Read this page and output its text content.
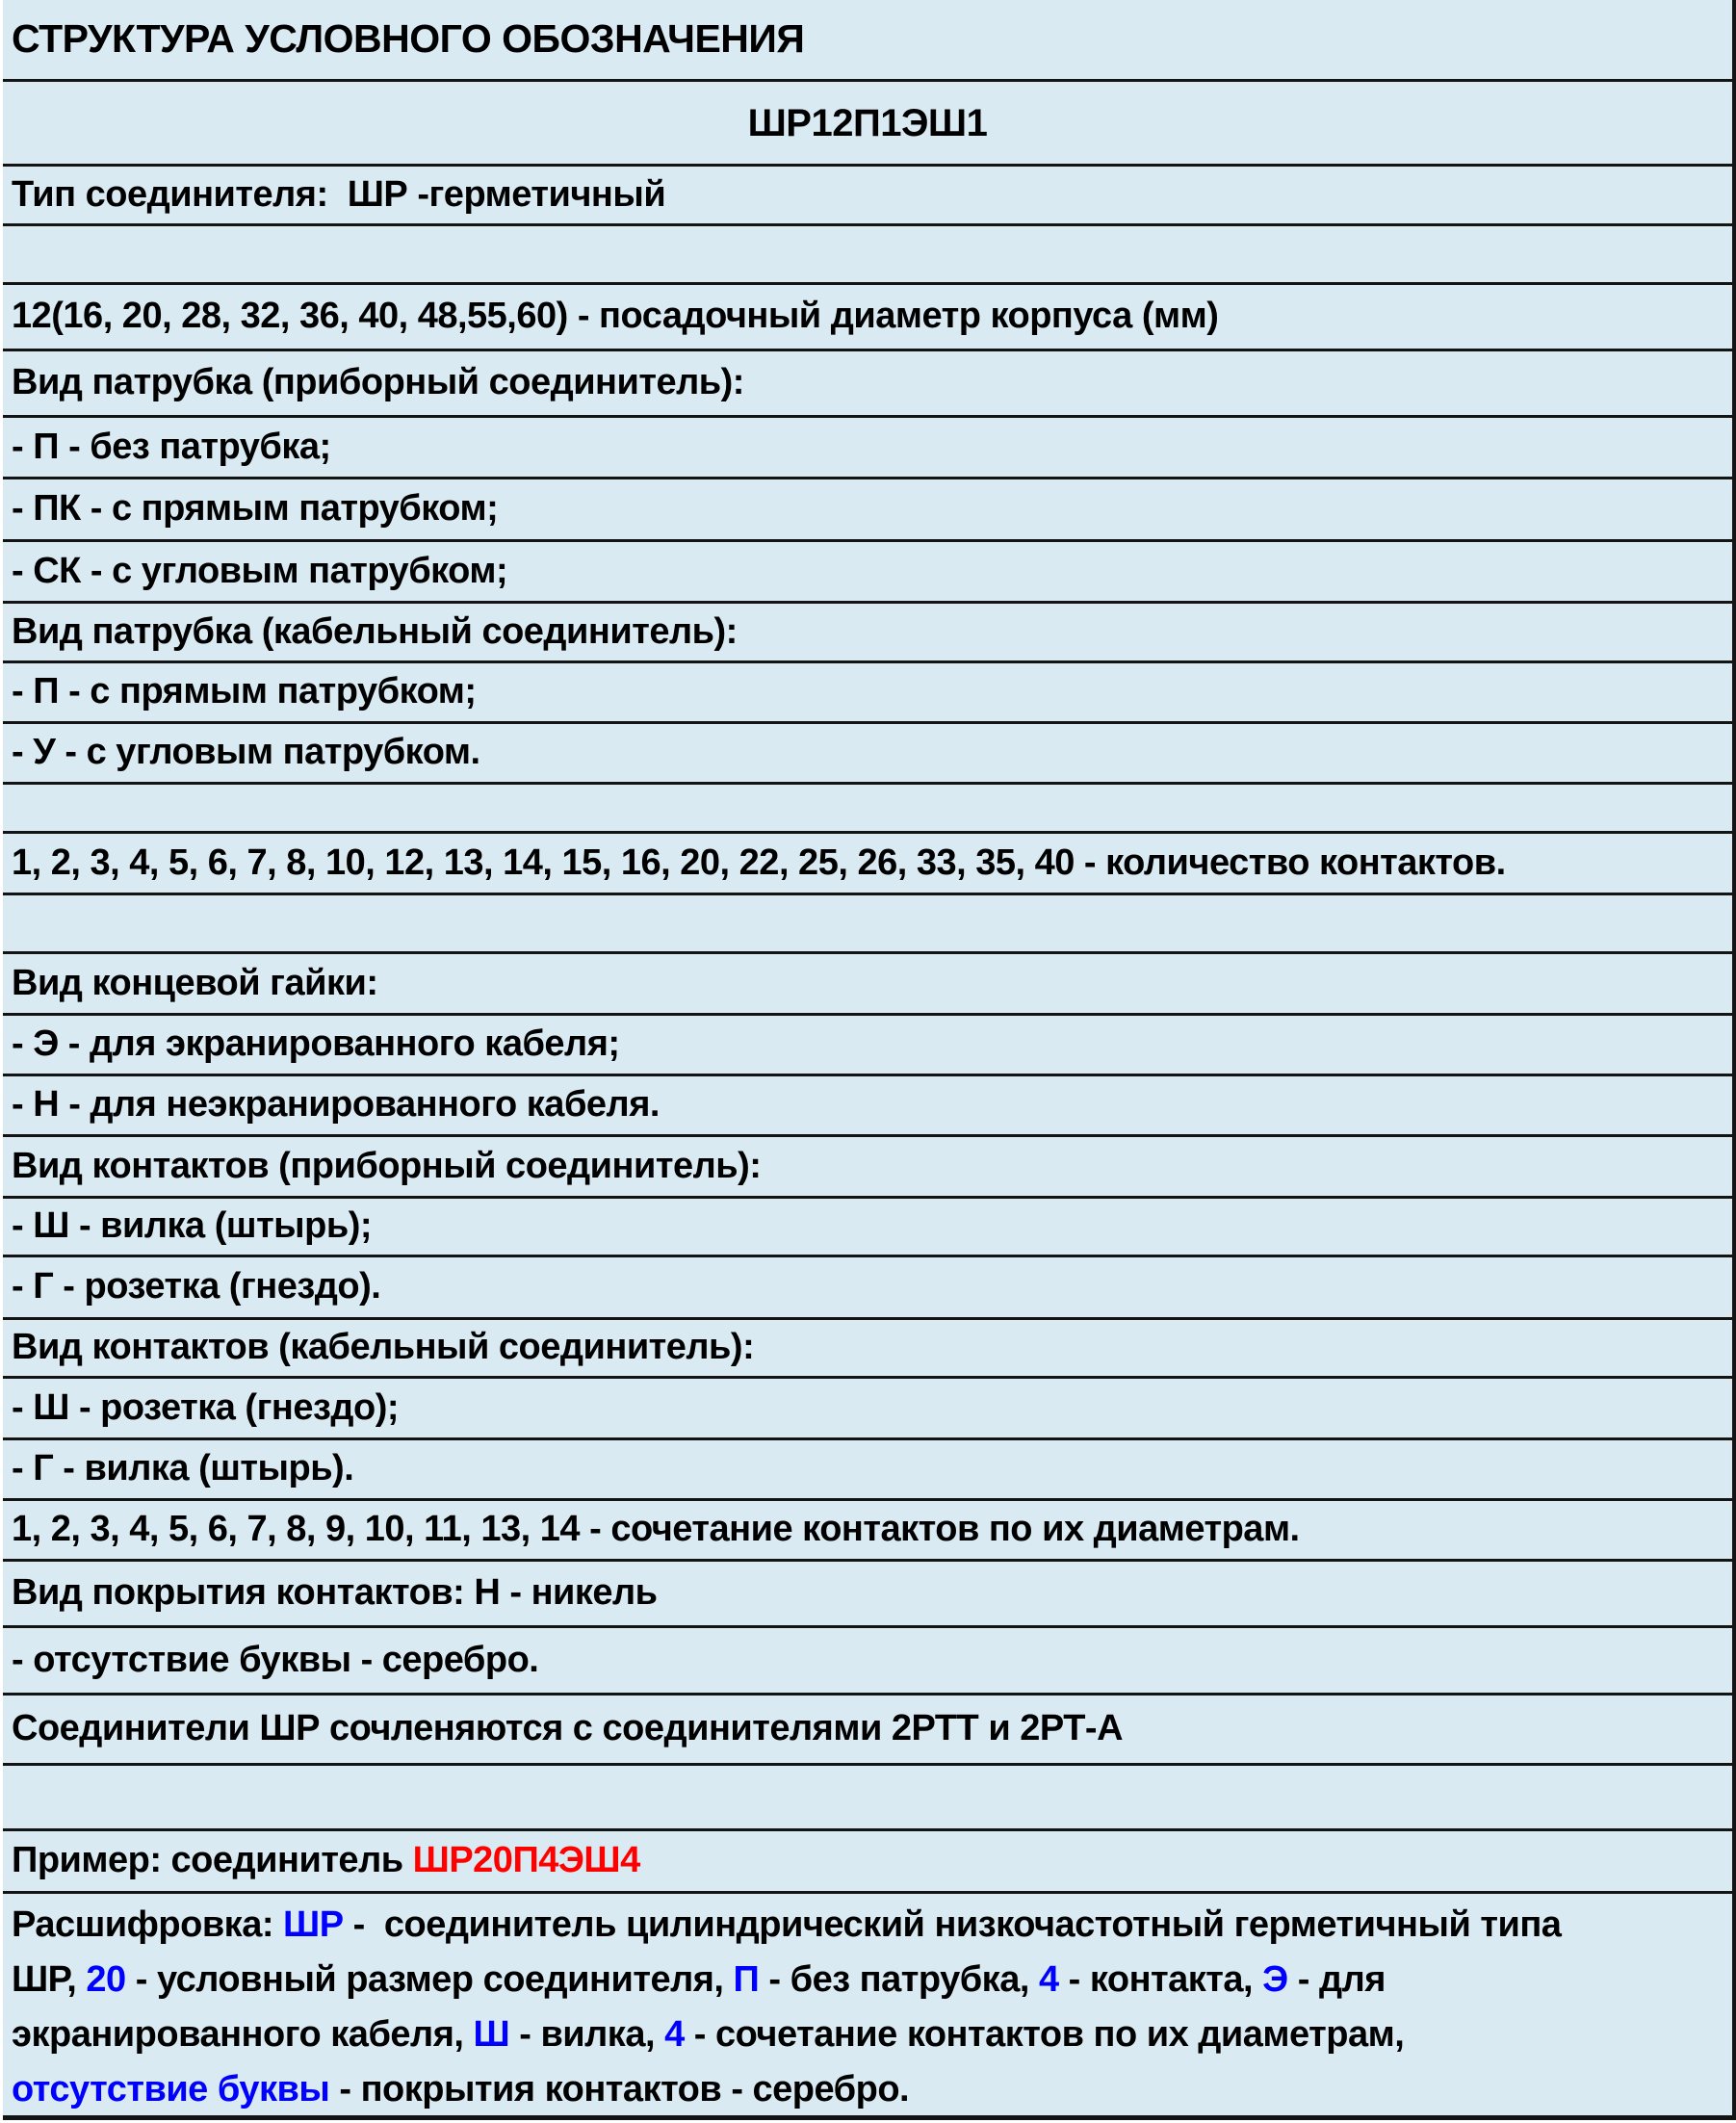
СТРУКТУРА УСЛОВНОГО ОБОЗНАЧЕНИЯ
ШР12П1ЭШ1
Тип соединителя:  ШР -герметичный
12(16, 20, 28, 32, 36, 40, 48,55,60) - посадочный диаметр корпуса (мм)
Вид патрубка (приборный соединитель):
- П - без патрубка;
- ПК - с прямым патрубком;
- СК - с угловым патрубком;
Вид патрубка (кабельный соединитель):
- П - с прямым патрубком;
- У - с угловым патрубком.
1, 2, 3, 4, 5, 6, 7, 8, 10, 12, 13, 14, 15, 16, 20, 22, 25, 26, 33, 35, 40 - количество контактов.
Вид концевой гайки:
- Э - для экранированного кабеля;
- Н - для неэкранированного кабеля.
Вид контактов (приборный соединитель):
- Ш - вилка (штырь);
- Г - розетка (гнездо).
Вид контактов (кабельный соединитель):
- Ш - розетка (гнездо);
- Г - вилка (штырь).
1, 2, 3, 4, 5, 6, 7, 8, 9, 10, 11, 13, 14 - сочетание контактов по их диаметрам.
Вид покрытия контактов: Н - никель
- отсутствие буквы - серебро.
Соединители ШР сочленяются с соединителями 2РТТ и 2РТ-А
Пример: соединитель ШР20П4ЭШ4
Расшифровка: ШР -  соединитель цилиндрический низкочастотный герметичный типа
ШР, 20 - условный размер соединителя, П - без патрубка, 4 - контакта, Э - для
экранированного кабеля, Ш - вилка, 4 - сочетание контактов по их диаметрам,
отсутствие буквы - покрытия контактов - серебро.
